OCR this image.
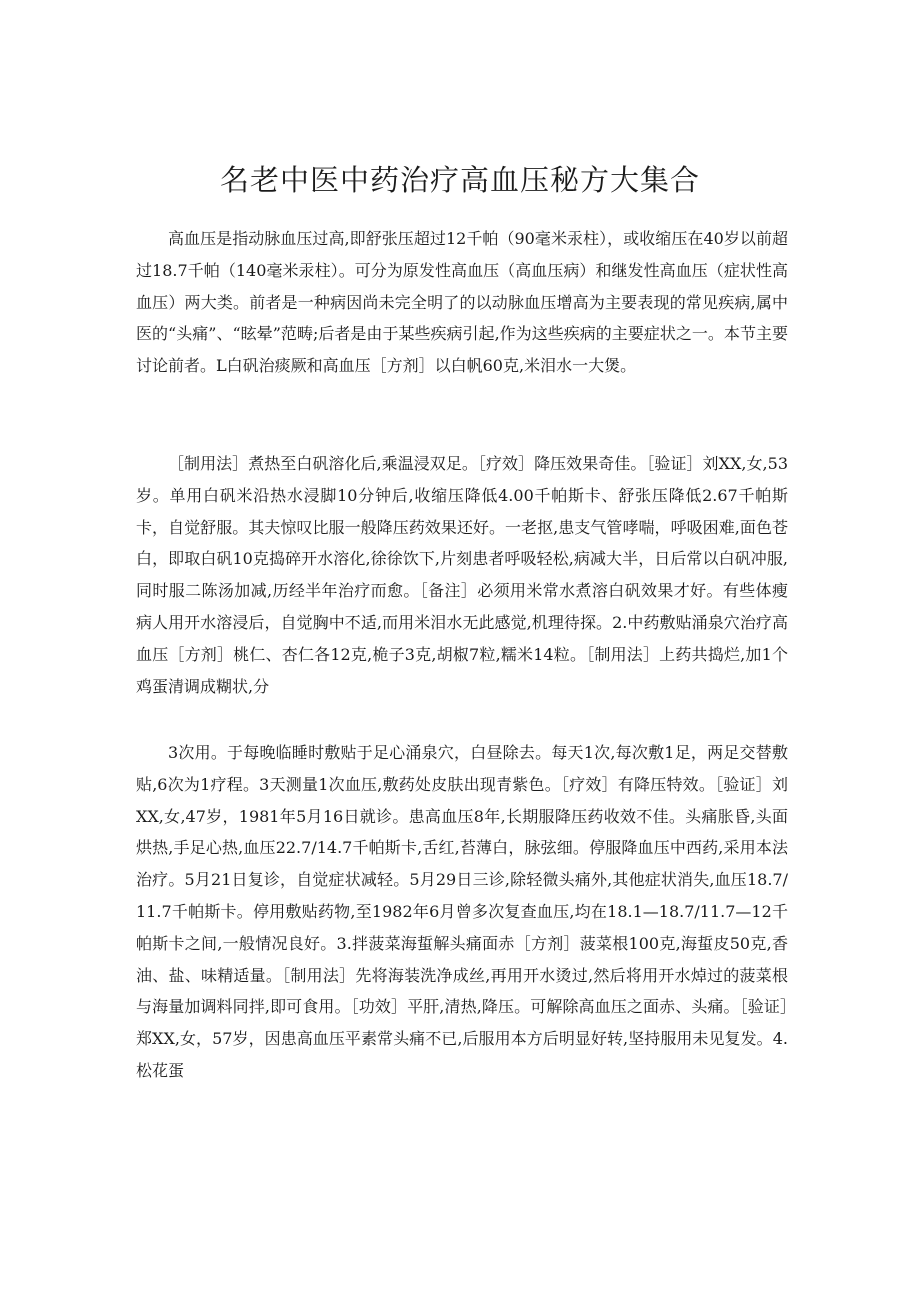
名老中医中药治疗高血压秘方大集合

高血压是指动脉血压过高,即舒张压超过12千帕（90毫米汞柱），或收缩压在40岁以前超过18.7千帕（140毫米汞柱）。可分为原发性高血压（高血压病）和继发性高血压（症状性高血压）两大类。前者是一种病因尚未完全明了的以动脉血压增高为主要表现的常见疾病,属中医的“头痛”、“眩晕”范畴;后者是由于某些疾病引起,作为这些疾病的主要症状之一。本节主要讨论前者。L白矾治痰厥和高血压［方剂］以白帆60克,米泪水一大煲。

［制用法］煮热至白矾溶化后,乘温浸双足。［疗效］降压效果奇佳。［验证］刘XX,女,53岁。单用白矾米沿热水浸脚10分钟后,收缩压降低4.00千帕斯卡、舒张压降低2.67千帕斯卡，自觉舒服。其夫惊叹比服一般降压药效果还好。一老抠,患支气管哮喘，呼吸困难,面色苍白，即取白矾10克捣碎开水溶化,徐徐饮下,片刻患者呼吸轻松,病减大半，日后常以白矾冲服,同时服二陈汤加减,历经半年治疗而愈。［备注］必须用米常水煮溶白矾效果才好。有些体瘦病人用开水溶浸后，自觉胸中不适,而用米泪水无此感觉,机理待探。2.中药敷贴涌泉穴治疗高血压［方剂］桃仁、杏仁各12克,桅子3克,胡椒7粒,糯米14粒。［制用法］上药共捣烂,加1个鸡蛋清调成糊状,分

3次用。于每晚临睡时敷贴于足心涌泉穴，白昼除去。每天1次,每次敷1足，两足交替敷贴,6次为1疗程。3天测量1次血压,敷药处皮肤出现青紫色。［疗效］有降压特效。［验证］刘XX,女,47岁，1981年5月16日就诊。患高血压8年,长期服降压药收效不佳。头痛胀昏,头面烘热,手足心热,血压22.7/14.7千帕斯卡,舌红,苔薄白，脉弦细。停服降血压中西药,采用本法治疗。5月21日复诊，自觉症状减轻。5月29日三诊,除轻微头痛外,其他症状消失,血压18.7/11.7千帕斯卡。停用敷贴药物,至1982年6月曾多次复查血压,均在18.1—18.7/11.7—12千帕斯卡之间,一般情况良好。3.拌菠菜海蜇解头痛面赤［方剂］菠菜根100克,海蜇皮50克,香油、盐、味精适量。［制用法］先将海装洗净成丝,再用开水烫过,然后将用开水焯过的菠菜根与海量加调料同拌,即可食用。［功效］平肝,清热,降压。可解除高血压之面赤、头痛。［验证］郑XX,女，57岁，因患高血压平素常头痛不已,后服用本方后明显好转,坚持服用未见复发。4.松花蛋
